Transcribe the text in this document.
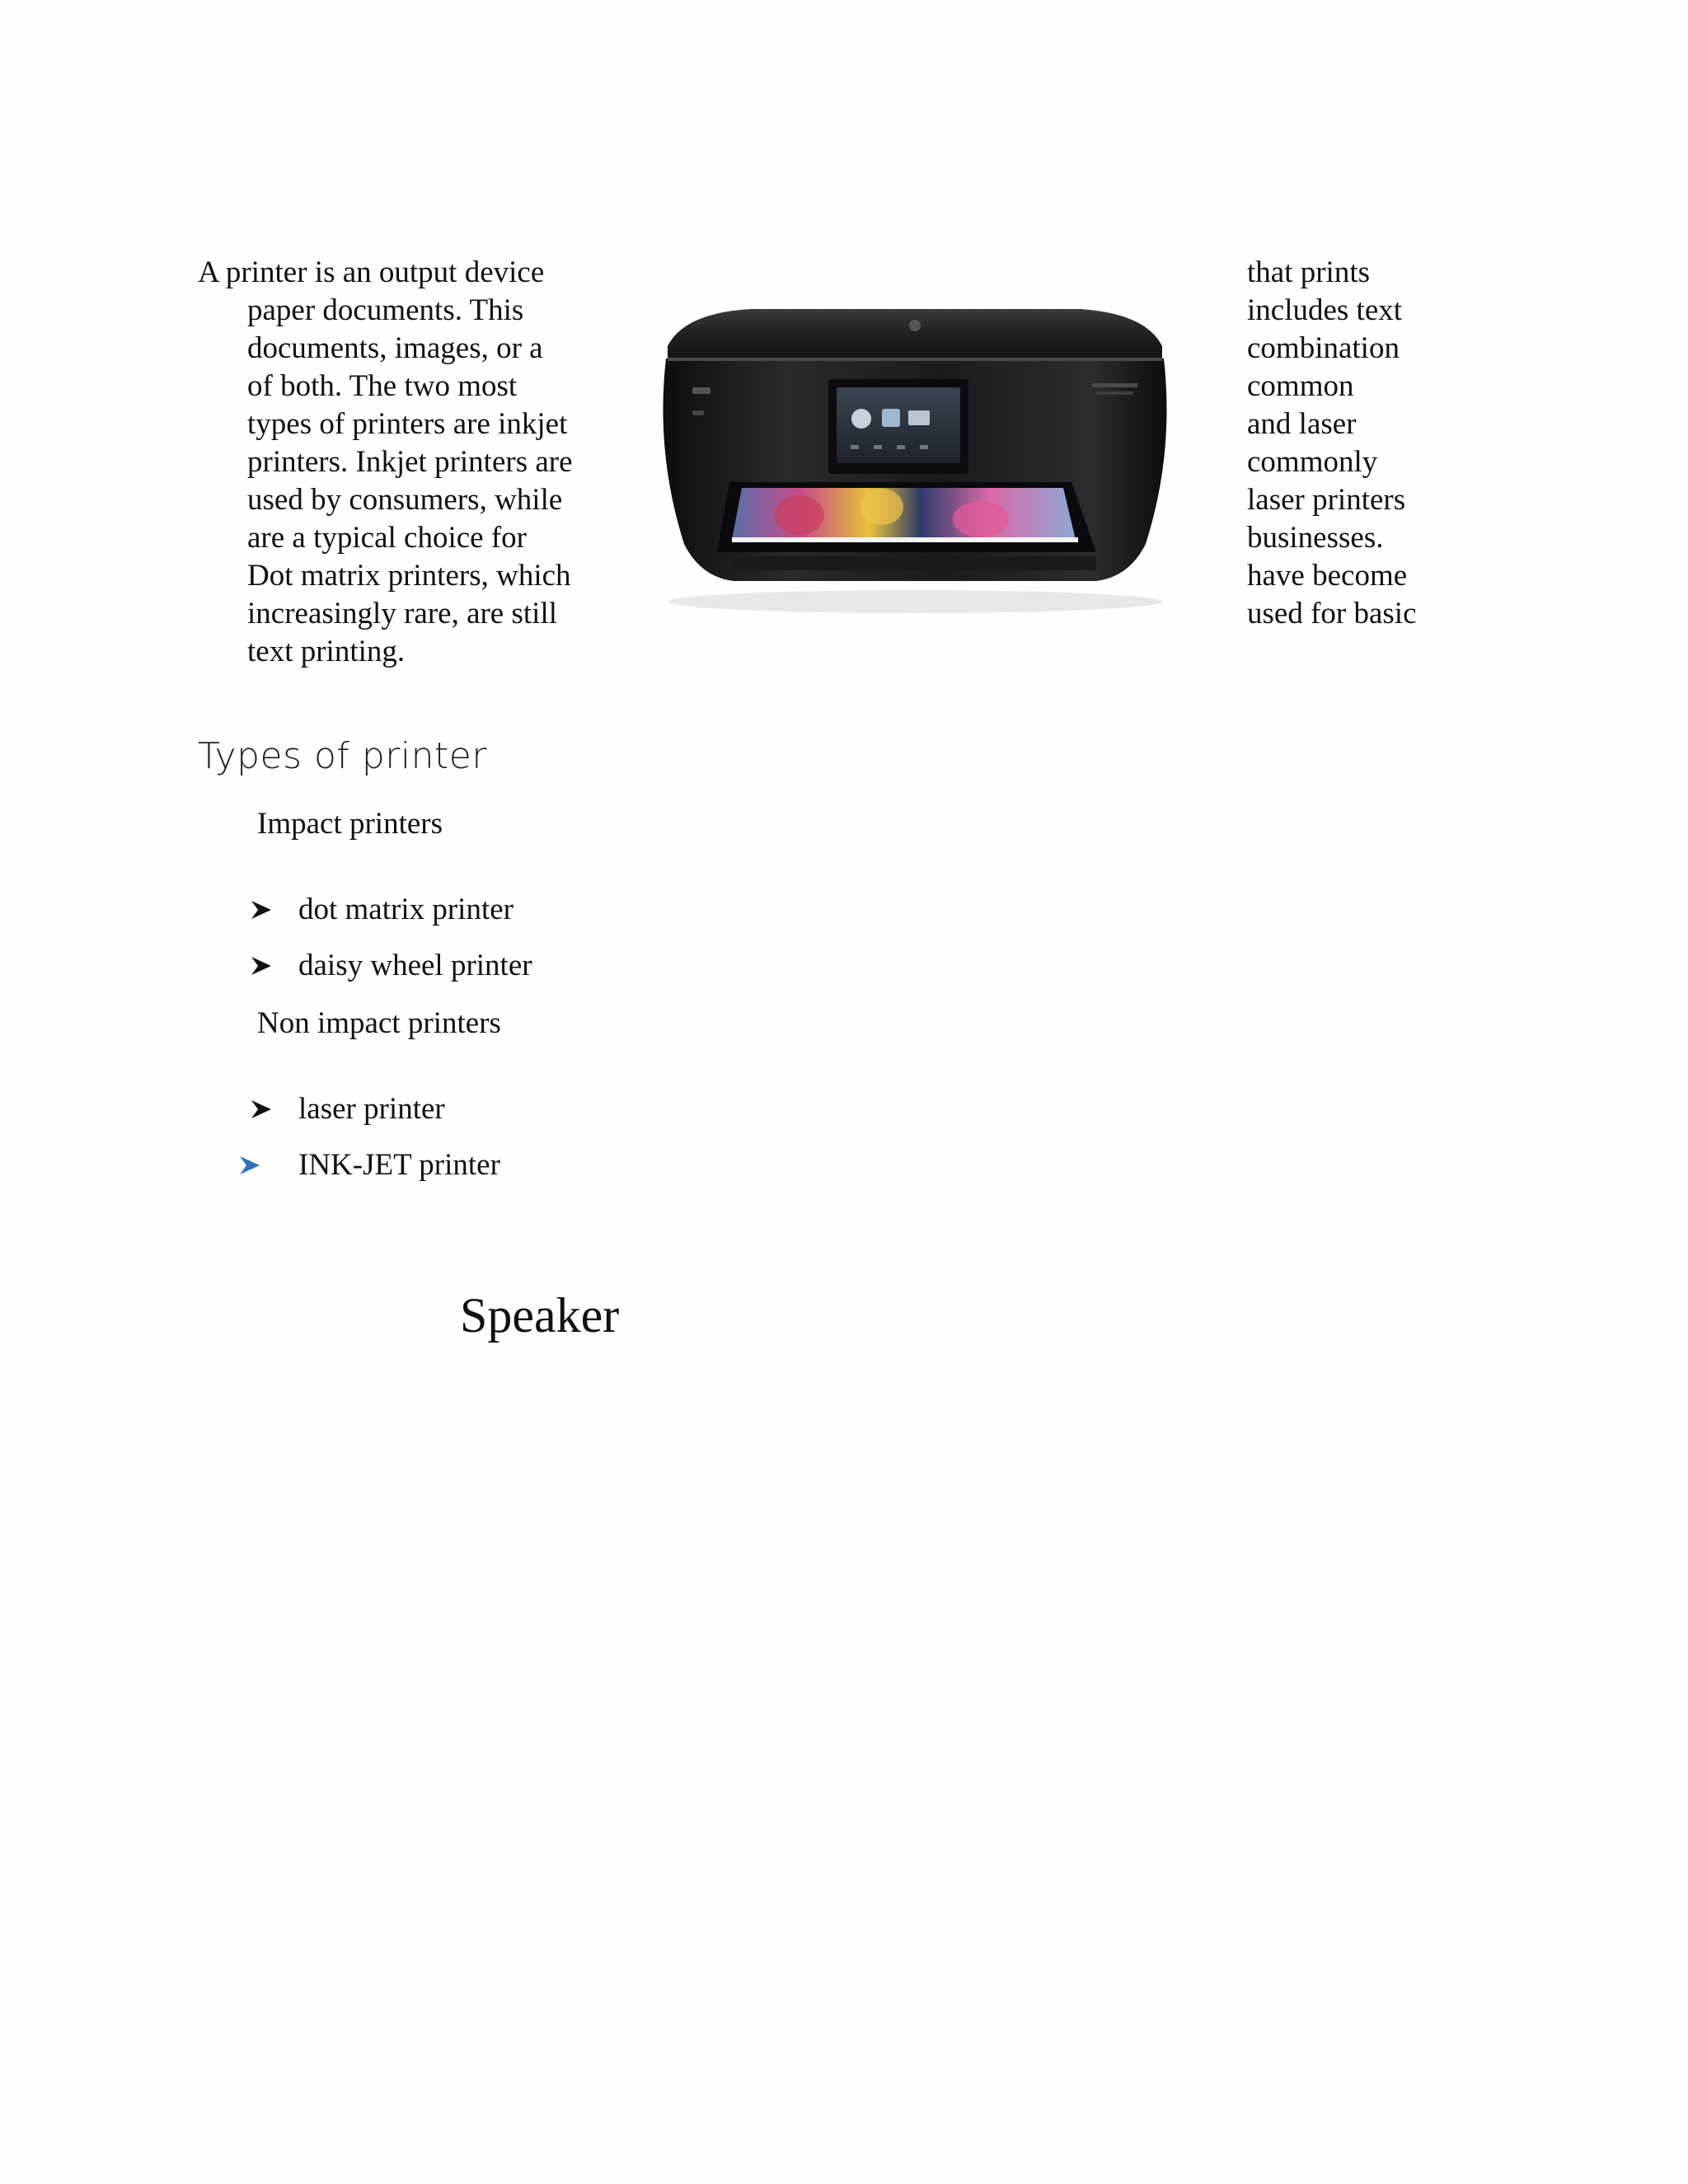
A printer is an output device
paper documents. This
documents, images, or a
of both. The two most
types of printers are inkjet
printers. Inkjet printers are
used by consumers, while
are a typical choice for
Dot matrix printers, which
increasingly rare, are still
text printing.
that prints
includes text
combination
common
and laser
commonly
laser printers
businesses.
have become
used for basic
Types of printer
Impact printers
dot matrix printer
daisy wheel printer
Non impact printers
laser printer
INK-JET printer
Speaker
